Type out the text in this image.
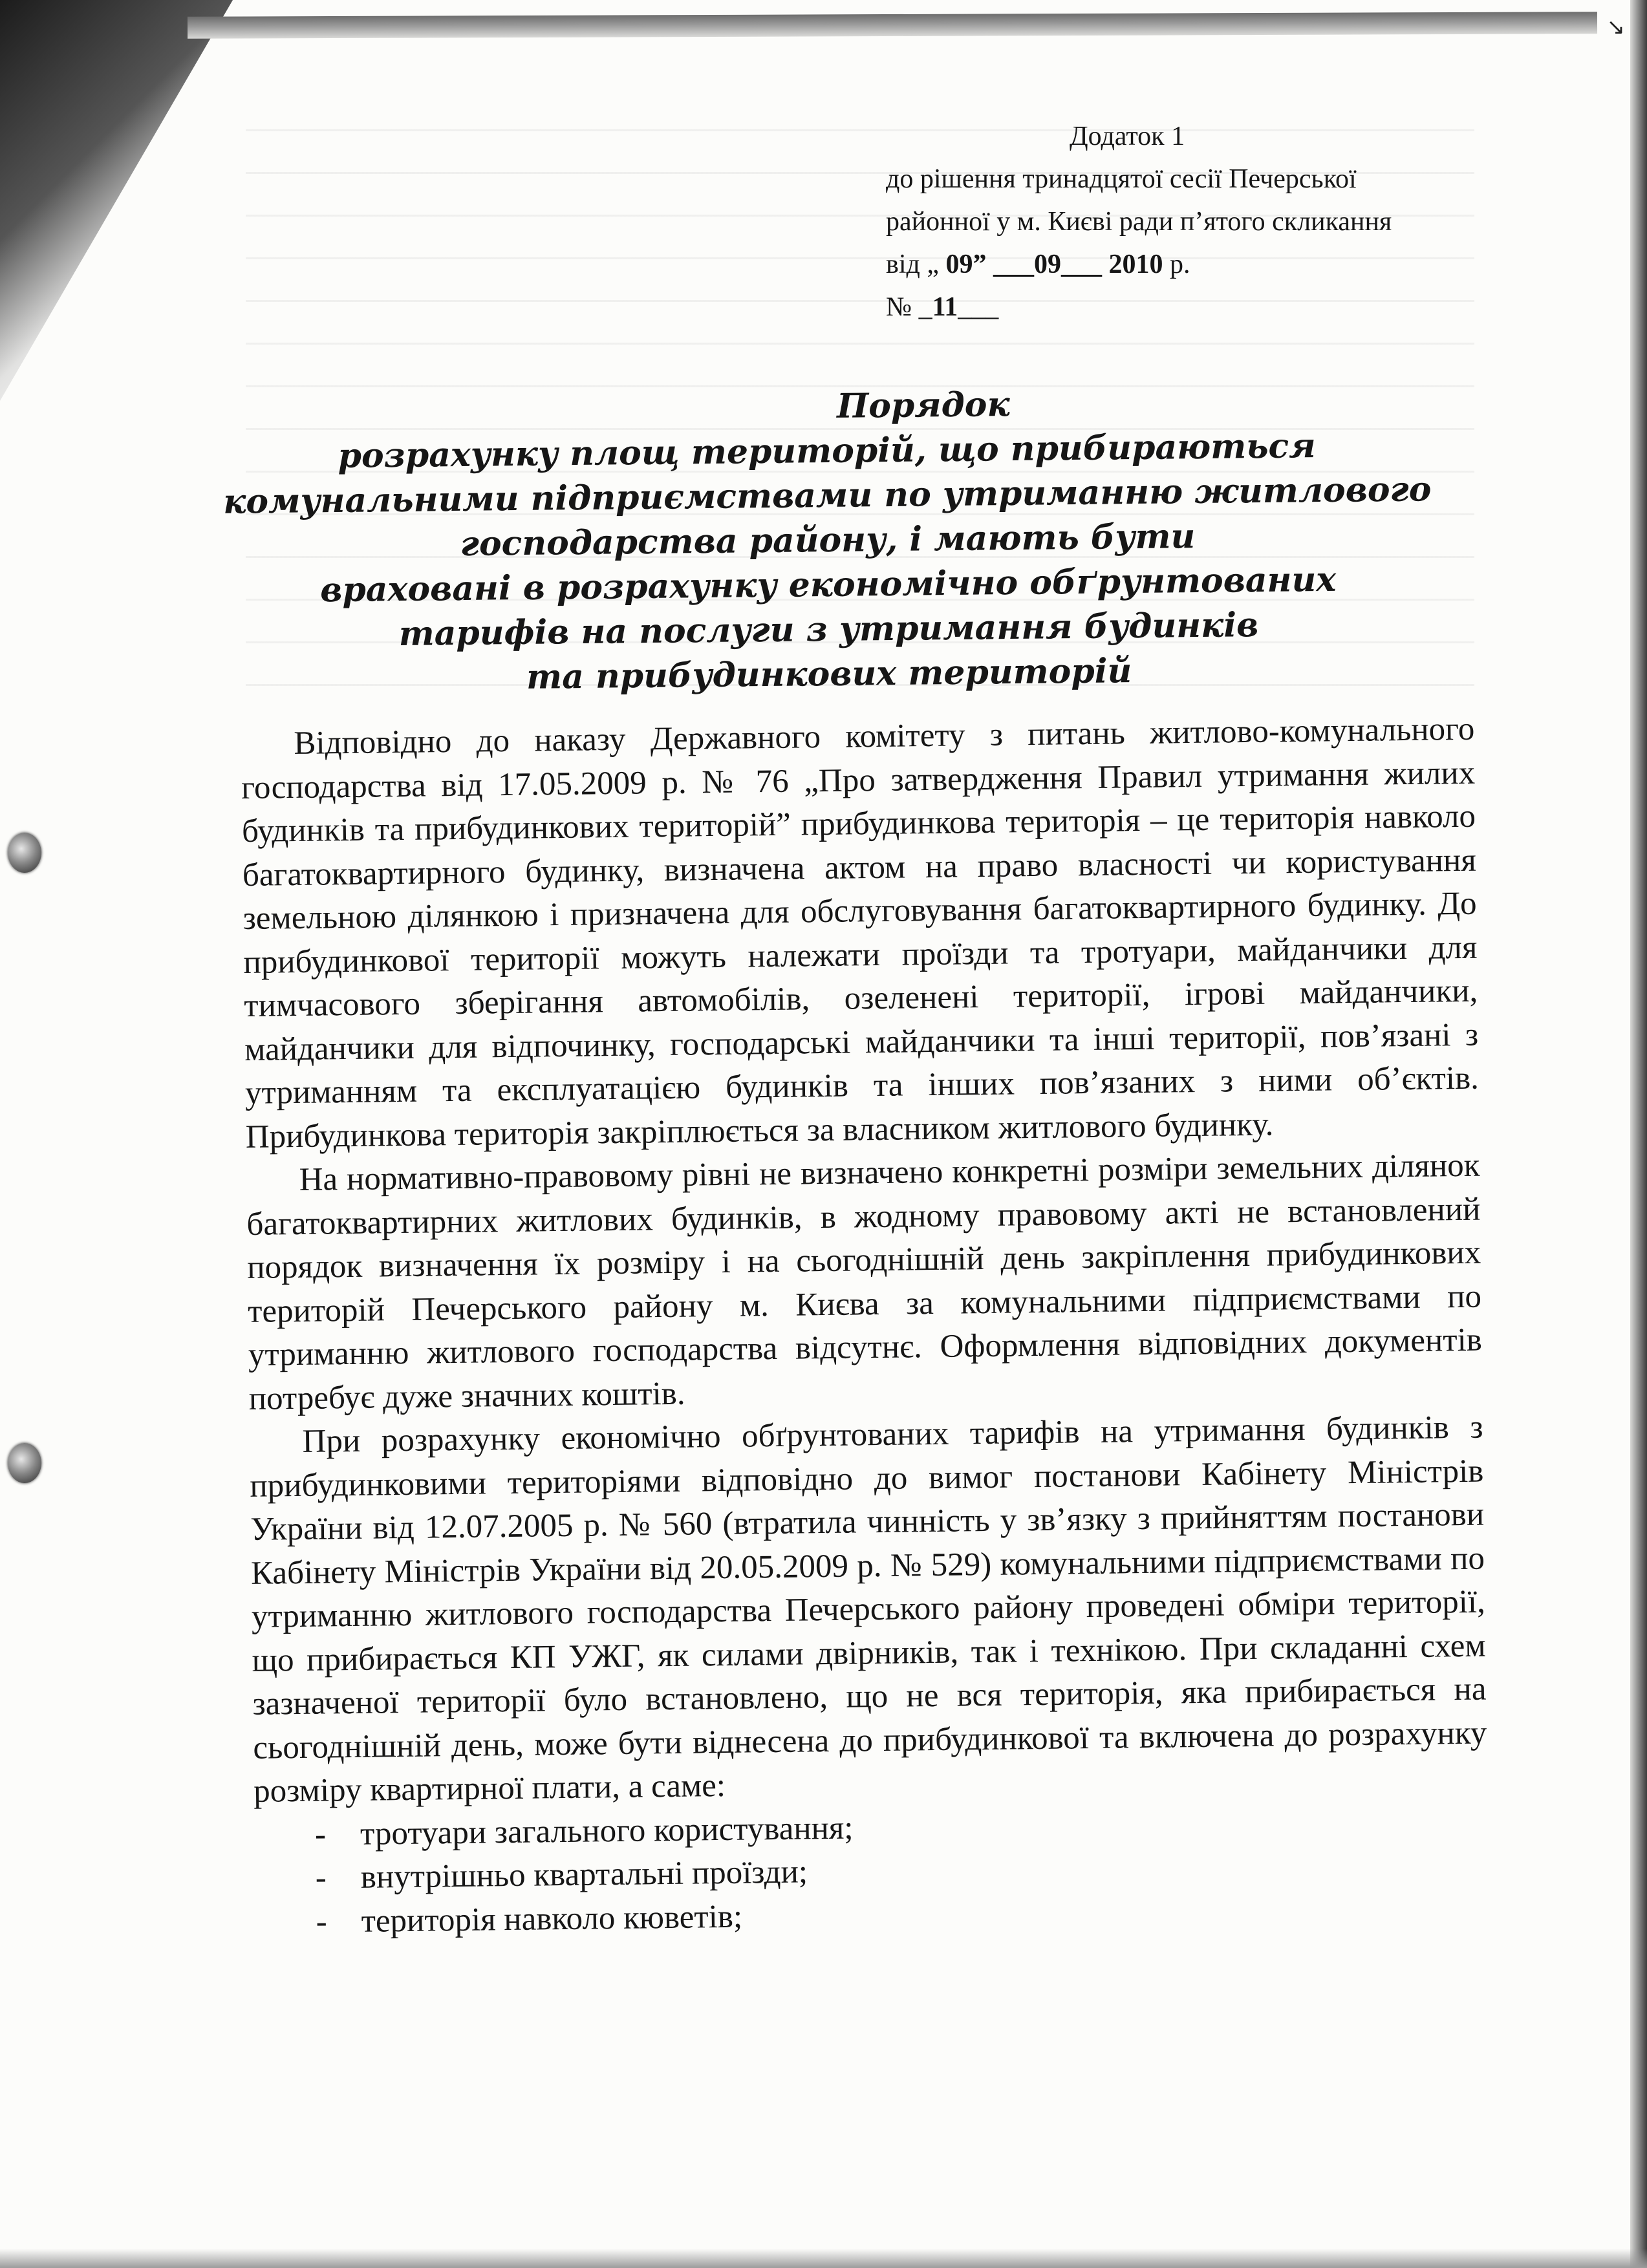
↘
Додаток 1
до рішення тринадцятої сесії Печерської
районної у м. Києві ради п’ятого скликання
від „ 09” ___09___ 2010 р.
№ _11___
Порядок
розрахунку площ територій, що прибираються
комунальними підприємствами по утриманню житлового
господарства району, і мають бути
враховані в розрахунку економічно обґрунтованих
тарифів на послуги з утримання будинків
та прибудинкових територій

Відповідно до наказу Державного комітету з питань житлово-комунального господарства від 17.05.2009 р. № 76 „Про затвердження Правил утримання жилих будинків та прибудинкових територій” прибудинкова територія – це територія навколо багатоквартирного будинку, визначена актом на право власності чи користування земельною ділянкою і призначена для обслуговування багатоквартирного будинку. До прибудинкової території можуть належати проїзди та тротуари, майданчики для тимчасового зберігання автомобілів, озеленені території, ігрові майданчики, майданчики для відпочинку, господарські майданчики та інші території, пов’язані з утриманням та експлуатацією будинків та інших пов’язаних з ними об’єктів. Прибудинкова територія закріплюється за власником житлового будинку.

На нормативно-правовому рівні не визначено конкретні розміри земельних ділянок багатоквартирних житлових будинків, в жодному правовому акті не встановлений порядок визначення їх розміру і на сьогоднішній день закріплення прибудинкових територій Печерського району м. Києва за комунальними підприємствами по утриманню житлового господарства відсутнє. Оформлення відповідних документів потребує дуже значних коштів.

При розрахунку економічно обґрунтованих тарифів на утримання будинків з прибудинковими територіями відповідно до вимог постанови Кабінету Міністрів України від 12.07.2005 р. № 560 (втратила чинність у зв’язку з прийняттям постанови Кабінету Міністрів України від 20.05.2009 р. № 529) комунальними підприємствами по утриманню житлового господарства Печерського району проведені обміри території, що прибирається КП УЖГ, як силами двірників, так і технікою. При складанні схем зазначеної території було встановлено, що не вся територія, яка прибирається на сьогоднішній день, може бути віднесена до прибудинкової та включена до розрахунку розміру квартирної плати, а саме:

- тротуари загального користування;
- внутрішньо квартальні проїзди;
- територія навколо кюветів;
